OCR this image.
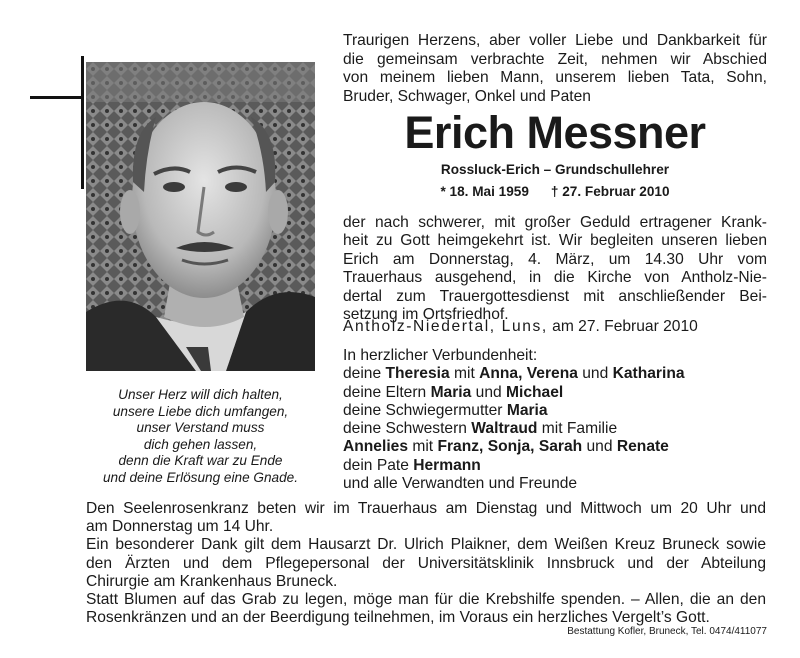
Unser Herz will dich halten,
unsere Liebe dich umfangen,
unser Verstand muss
dich gehen lassen,
denn die Kraft war zu Ende
und deine Erlösung eine Gnade.
Traurigen Herzens, aber voller Liebe und Dankbarkeit für
die gemeinsam verbrachte Zeit, nehmen wir Abschied
von meinem lieben Mann, unserem lieben Tata, Sohn,
Bruder, Schwager, Onkel und Paten
Erich Messner
Rossluck-Erich – Grundschullehrer
* 18. Mai 1959 † 27. Februar 2010
der nach schwerer, mit großer Geduld ertragener Krank-
heit zu Gott heimgekehrt ist. Wir begleiten unseren lieben
Erich am Donnerstag, 4. März, um 14.30 Uhr vom
Trauerhaus ausgehend, in die Kirche von Antholz-Nie-
dertal zum Trauergottesdienst mit anschließender Bei-
setzung im Ortsfriedhof.
Antholz-Niedertal, Luns, am 27. Februar 2010
In herzlicher Verbundenheit:
deine Theresia mit Anna, Verena und Katharina
deine Eltern Maria und Michael
deine Schwiegermutter Maria
deine Schwestern Waltraud mit Familie
Annelies mit Franz, Sonja, Sarah und Renate
dein Pate Hermann
und alle Verwandten und Freunde
Den Seelenrosenkranz beten wir im Trauerhaus am Dienstag und Mittwoch um 20 Uhr und
am Donnerstag um 14 Uhr.
Ein besonderer Dank gilt dem Hausarzt Dr. Ulrich Plaikner, dem Weißen Kreuz Bruneck sowie
den Ärzten und dem Pflegepersonal der Universitätsklinik Innsbruck und der Abteilung
Chirurgie am Krankenhaus Bruneck.
Statt Blumen auf das Grab zu legen, möge man für die Krebshilfe spenden. – Allen, die an den
Rosenkränzen und an der Beerdigung teilnehmen, im Voraus ein herzliches Vergelt’s Gott.
Bestattung Kofler, Bruneck, Tel. 0474/411077
